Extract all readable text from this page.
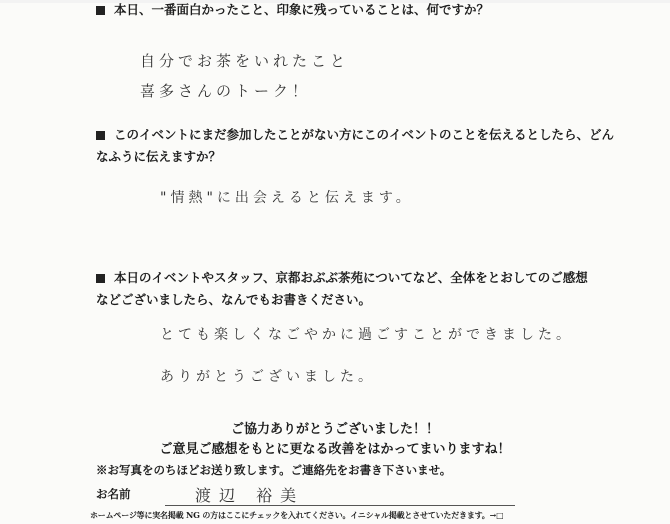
本日、一番面白かったこと、印象に残っていることは、何ですか？
自分でお茶をいれたこと
喜多さんのトーク！
このイベントにまだ参加したことがない方にこのイベントのことを伝えるとしたら、どん
なふうに伝えますか？
"情熱"に出会えると伝えます。
本日のイベントやスタッフ、京都おぶぶ茶苑についてなど、全体をとおしてのご感想
などございましたら、なんでもお書きください。
とても楽しくなごやかに過ごすことができました。
ありがとうございました。
ご協力ありがとうございました！！
ご意見ご感想をもとに更なる改善をはかってまいりますね！
※お写真をのちほどお送り致します。ご連絡先をお書き下さいませ。
お名前	渡辺 裕美
ホームページ等に実名掲載 NG の方はここにチェックを入れてください。イニシャル掲載とさせていただきます。→□
